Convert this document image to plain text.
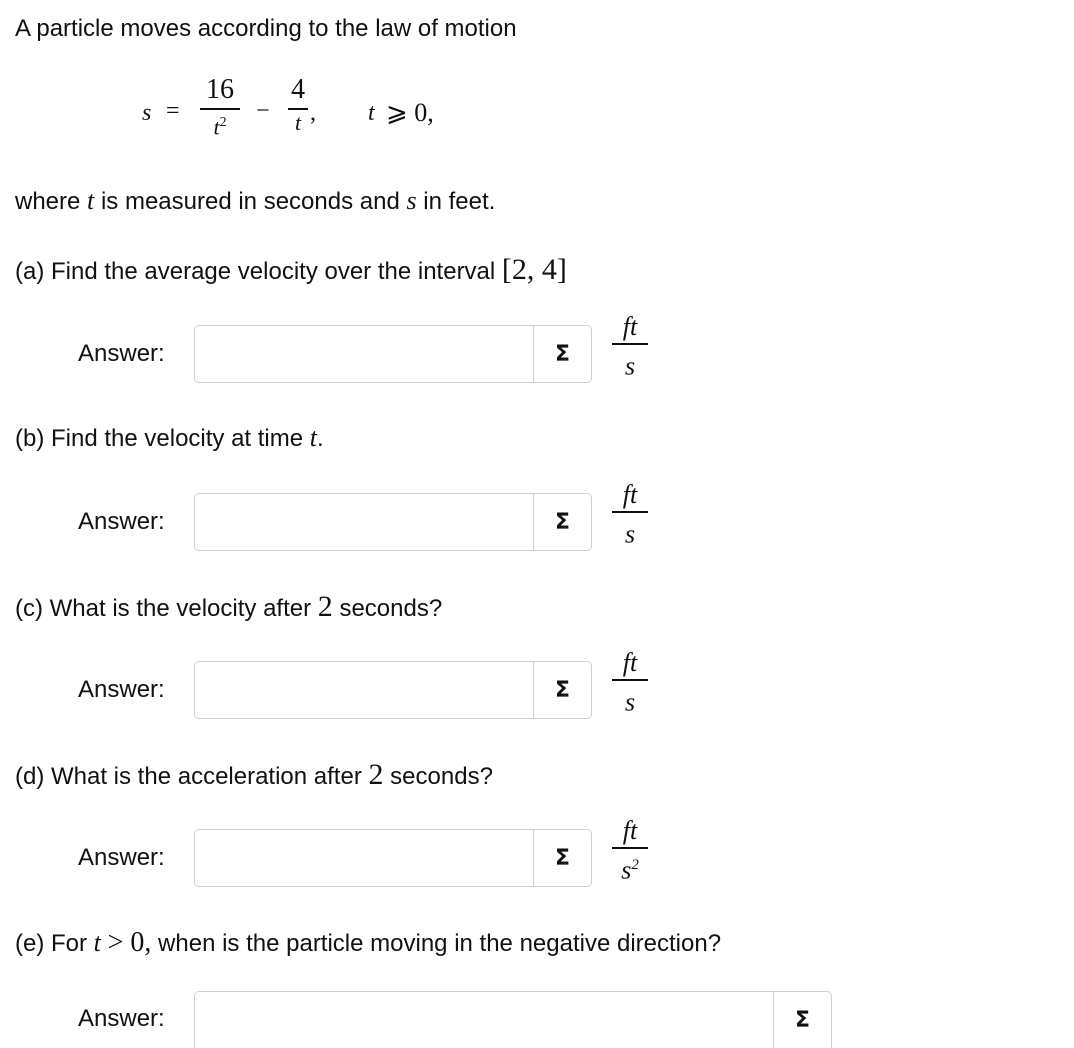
A particle moves according to the law of motion
s =
16
$t^2$	−
4
t , t ⩾ 0,
where t is measured in seconds and s in feet.
(a) Find the average velocity over the interval [2, 4]
Answer:	Σ
ft
s
(b) Find the velocity at time t.
Answer:	Σ
ft
s
(c) What is the velocity after 2 seconds?
Answer:	Σ
ft
s
(d) What is the acceleration after 2 seconds?
Answer:	Σ
ft
$s^2$
(e) For t > 0, when is the particle moving in the negative direction?
Answer:	Σ
